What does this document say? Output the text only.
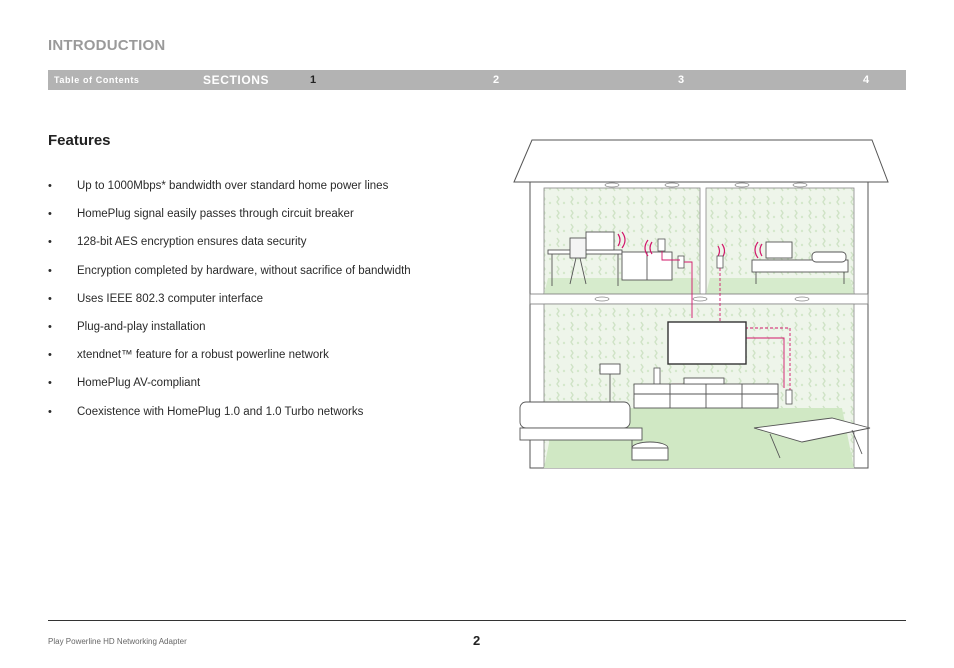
INTRODUCTION
Table of Contents	SECTIONS	1	2	3	4
Features
• Up to 1000Mbps* bandwidth over standard home power lines
• HomePlug signal easily passes through circuit breaker
• 128-bit AES encryption ensures data security
• Encryption completed by hardware, without sacrifice of bandwidth
• Uses IEEE 802.3 computer interface
• Plug-and-play installation
• xtendnet™ feature for a robust powerline network
• HomePlug AV-compliant
• Coexistence with HomePlug 1.0 and 1.0 Turbo networks
Play Powerline HD Networking Adapter	2
